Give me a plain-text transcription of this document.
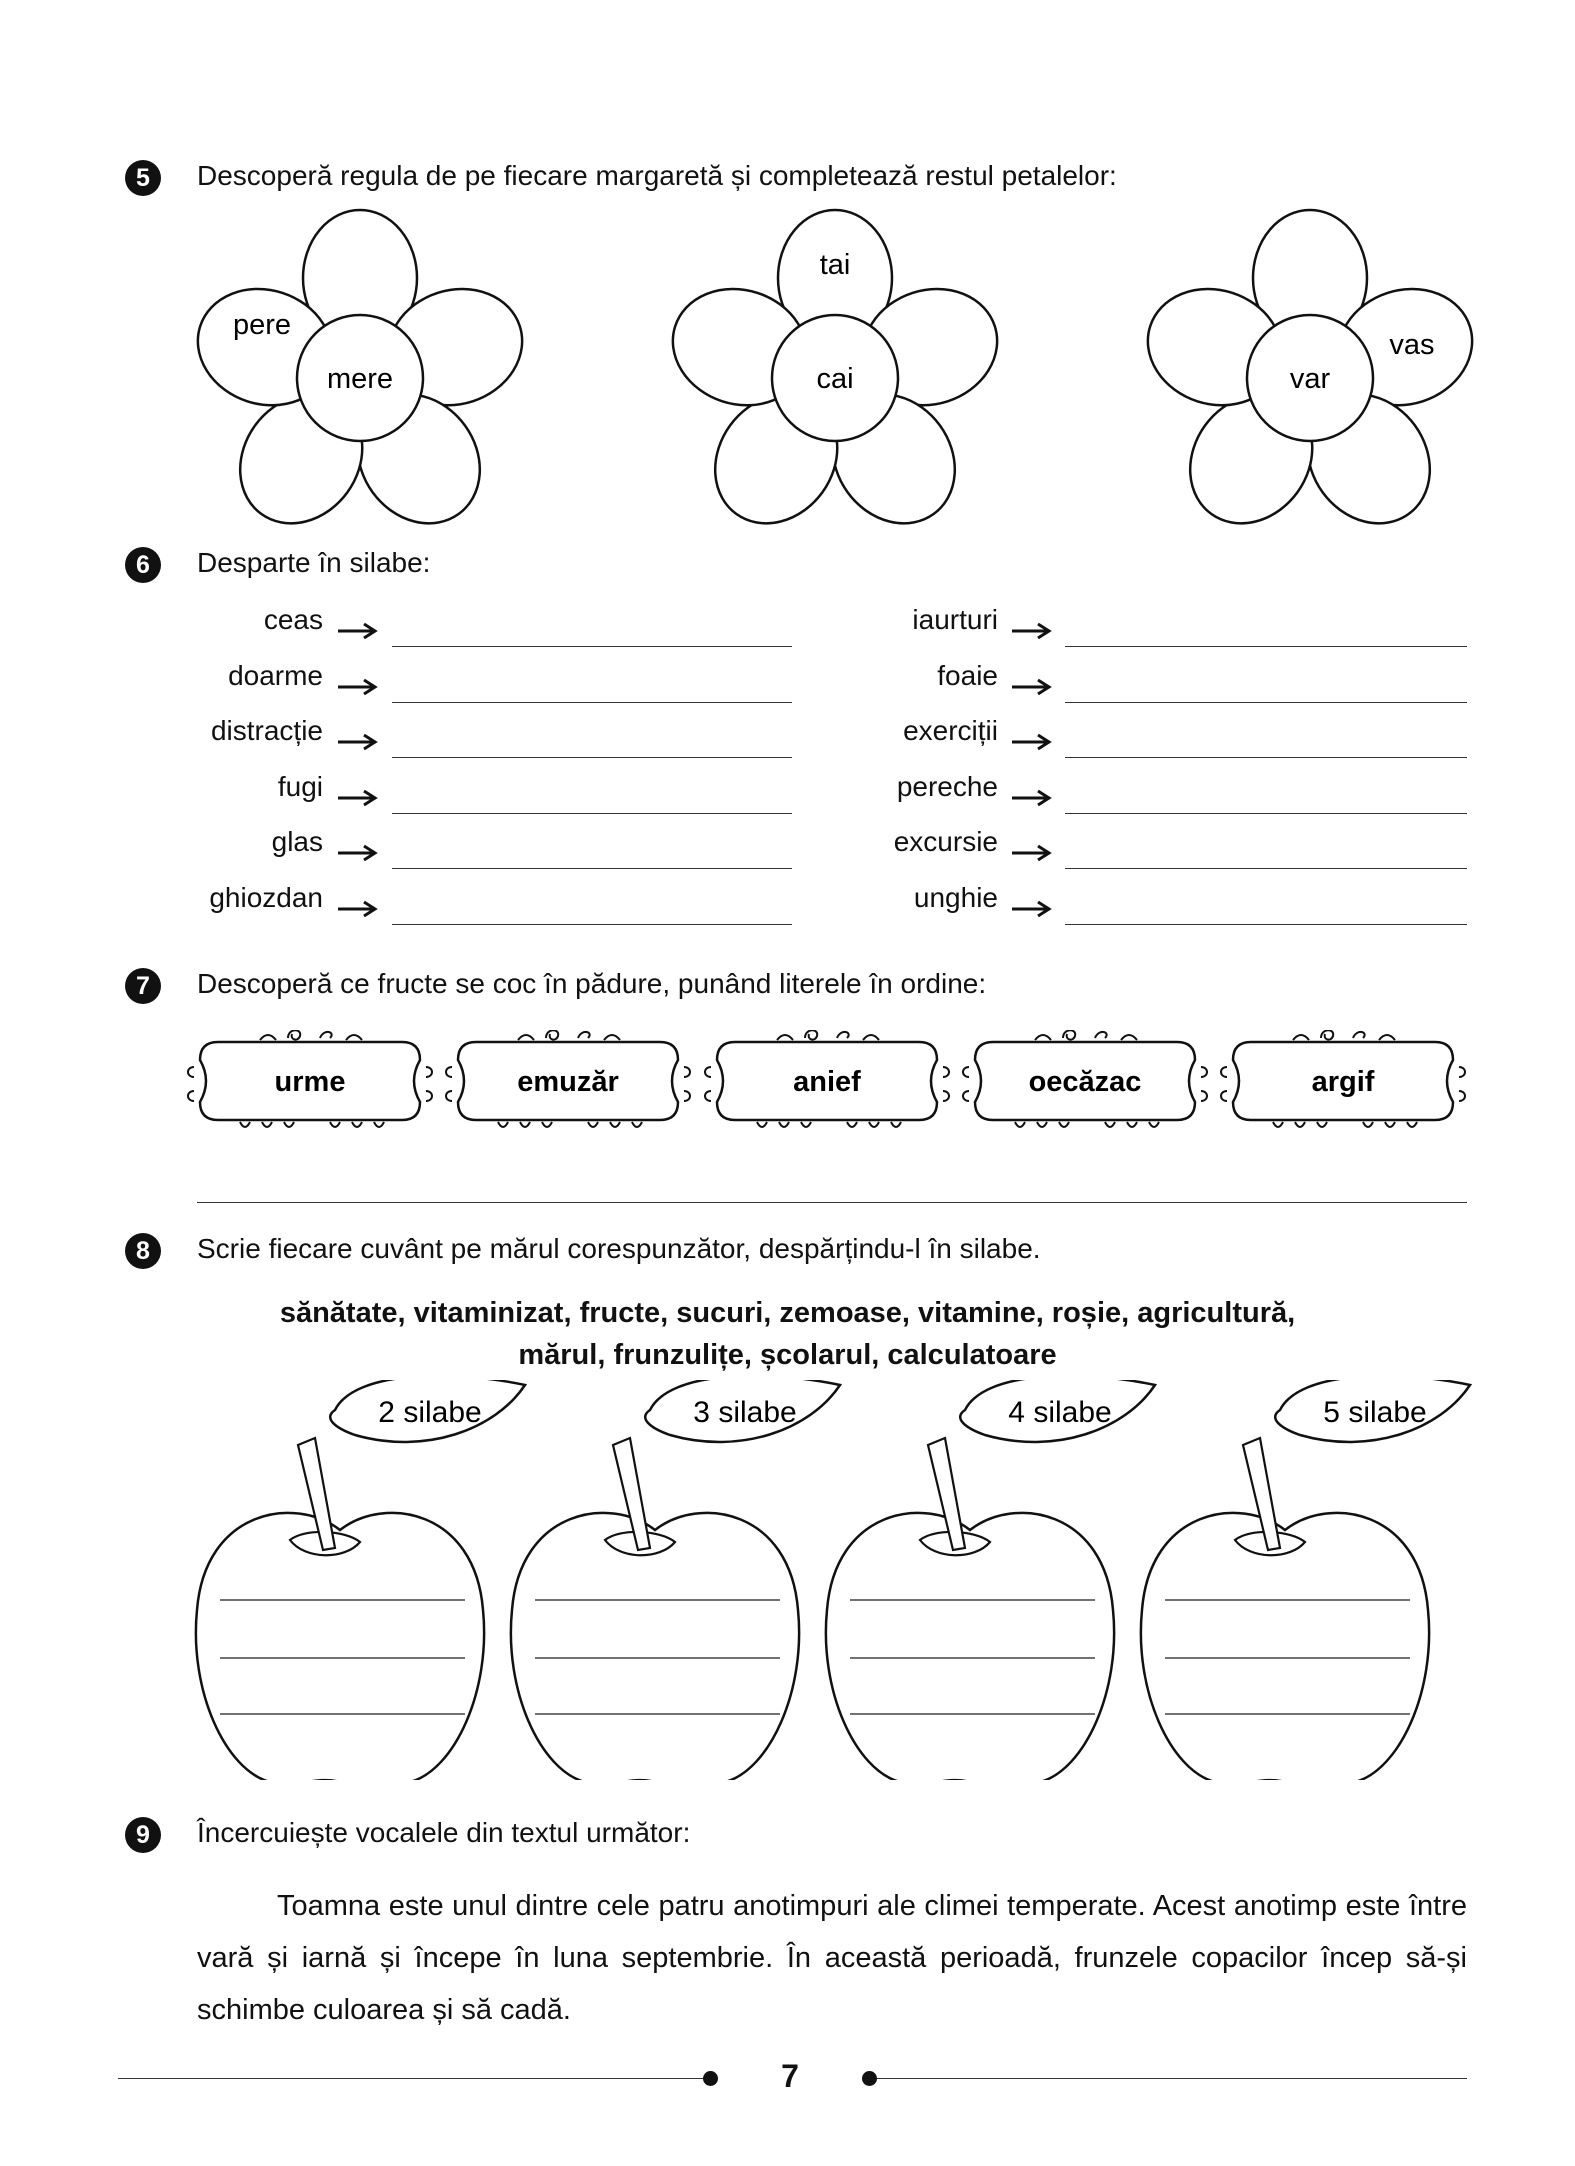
5	Descoperă regula de pe fiecare margaretă și completează restul petalelor:
mere
pere
cai
tai
var
vas
6	Desparte în silabe:
ceas
doarme
distracție
fugi
glas
ghiozdan
iaurturi
foaie
exerciții
pereche
excursie
unghie
7	Descoperă ce fructe se coc în pădure, punând literele în ordine:
urme	emuzăr	anief	oecăzac	argif
8	Scrie fiecare cuvânt pe mărul corespunzător, despărțindu-l în silabe.
sănătate, vitaminizat, fructe, sucuri, zemoase, vitamine, roșie, agricultură,
mărul, frunzulițe, școlarul, calculatoare
2 silabe	3 silabe	4 silabe	5 silabe
9	Încercuiește vocalele din textul următor:

Toamna este unul dintre cele patru anotimpuri ale climei temperate. Acest anotimp este între vară și iarnă și începe în luna septembrie. În această perioadă, frunzele copacilor încep să-și schimbe culoarea și să cadă.

7
